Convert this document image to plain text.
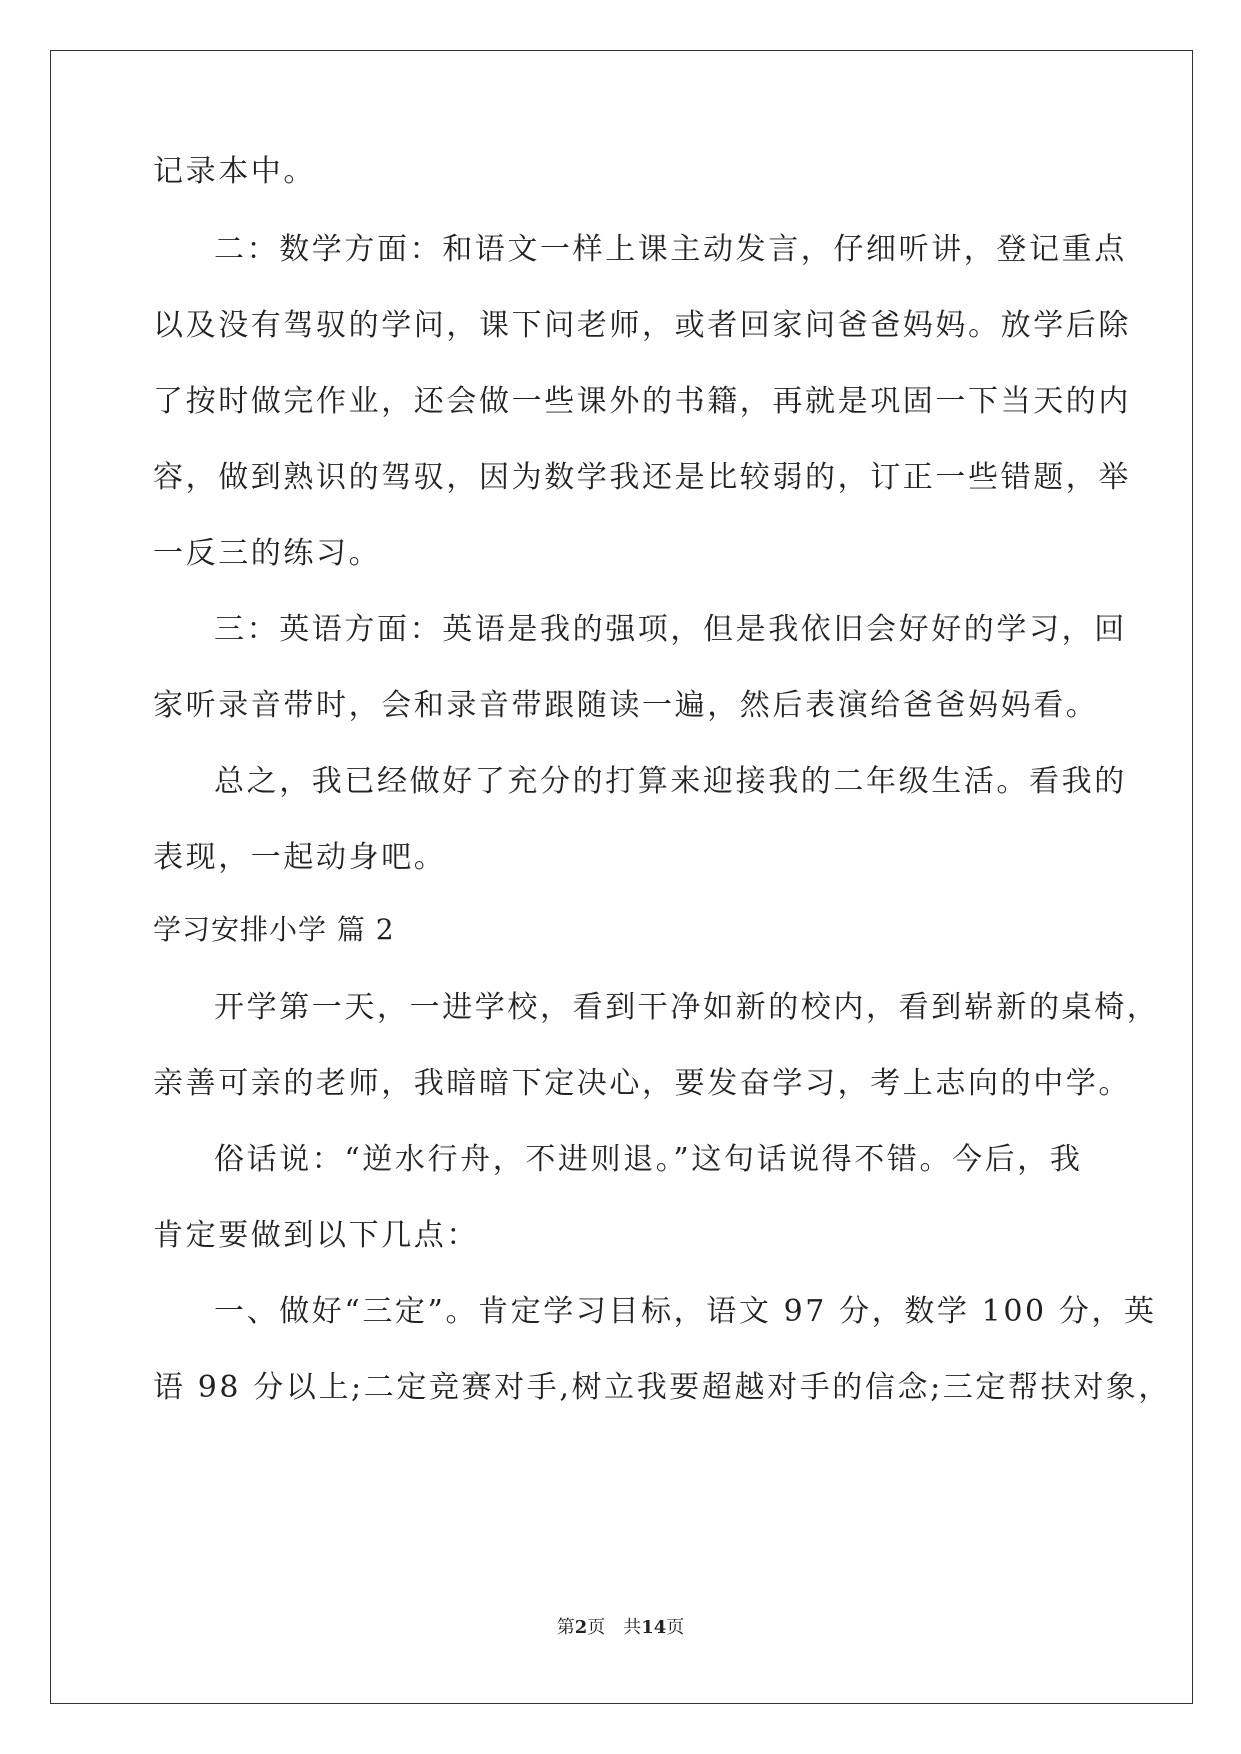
记录本中。
二：数学方面：和语文一样上课主动发言，仔细听讲，登记重点
以及没有驾驭的学问，课下问老师，或者回家问爸爸妈妈。放学后除
了按时做完作业，还会做一些课外的书籍，再就是巩固一下当天的内
容，做到熟识的驾驭，因为数学我还是比较弱的，订正一些错题，举
一反三的练习。
三：英语方面：英语是我的强项，但是我依旧会好好的学习，回
家听录音带时，会和录音带跟随读一遍，然后表演给爸爸妈妈看。
总之，我已经做好了充分的打算来迎接我的二年级生活。看我的
表现，一起动身吧。
学习安排小学 篇 2
开学第一天，一进学校，看到干净如新的校内，看到崭新的桌椅，
亲善可亲的老师，我暗暗下定决心，要发奋学习，考上志向的中学。
俗话说：“逆水行舟，不进则退。”这句话说得不错。今后，我
肯定要做到以下几点：
一、做好“三定”。肯定学习目标，语文 97 分，数学 100 分，英
语 98 分以上;二定竞赛对手,树立我要超越对手的信念;三定帮扶对象，
第2页　共14页
